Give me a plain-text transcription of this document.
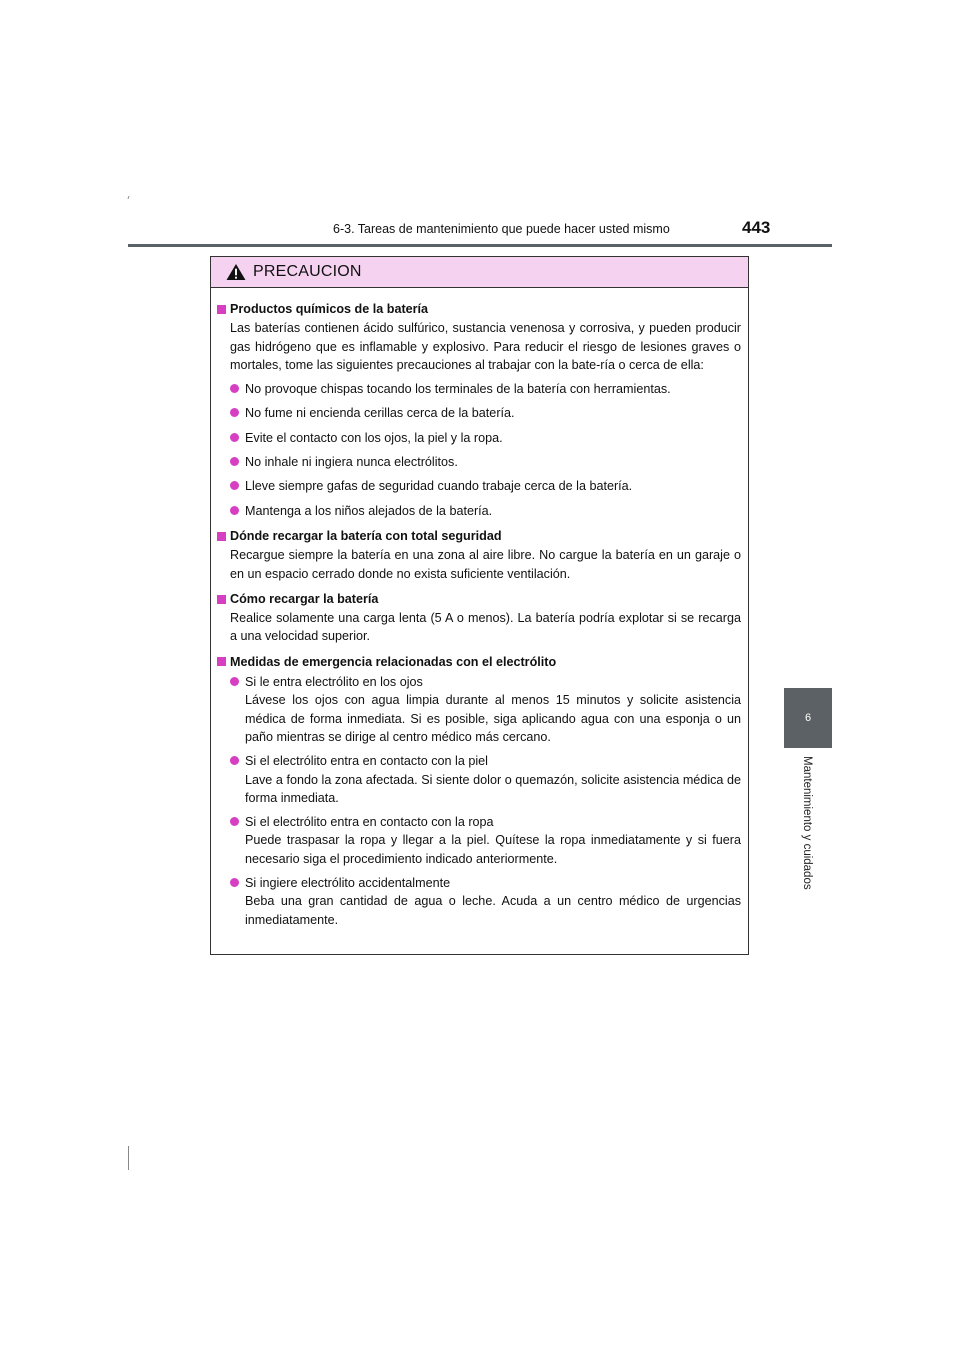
6-3. Tareas de mantenimiento que puede hacer usted mismo	443
6
Mantenimiento y cuidados
PRECAUCION
Productos químicos de la batería
Las baterías contienen ácido sulfúrico, sustancia venenosa y corrosiva, y pueden producir gas hidrógeno que es inflamable y explosivo. Para reducir el riesgo de lesiones graves o mortales, tome las siguientes precauciones al trabajar con la bate-ría o cerca de ella:
No provoque chispas tocando los terminales de la batería con herramientas.
No fume ni encienda cerillas cerca de la batería.
Evite el contacto con los ojos, la piel y la ropa.
No inhale ni ingiera nunca electrólitos.
Lleve siempre gafas de seguridad cuando trabaje cerca de la batería.
Mantenga a los niños alejados de la batería.
Dónde recargar la batería con total seguridad
Recargue siempre la batería en una zona al aire libre. No cargue la batería en un garaje o en un espacio cerrado donde no exista suficiente ventilación.
Cómo recargar la batería
Realice solamente una carga lenta (5 A o menos). La batería podría explotar si se recarga a una velocidad superior.
Medidas de emergencia relacionadas con el electrólito
Si le entra electrólito en los ojos
Lávese los ojos con agua limpia durante al menos 15 minutos y solicite asistencia médica de forma inmediata. Si es posible, siga aplicando agua con una esponja o un paño mientras se dirige al centro médico más cercano.
Si el electrólito entra en contacto con la piel
Lave a fondo la zona afectada. Si siente dolor o quemazón, solicite asistencia médica de forma inmediata.
Si el electrólito entra en contacto con la ropa
Puede traspasar la ropa y llegar a la piel. Quítese la ropa inmediatamente y si fuera necesario siga el procedimiento indicado anteriormente.
Si ingiere electrólito accidentalmente
Beba una gran cantidad de agua o leche. Acuda a un centro médico de urgencias inmediatamente.
